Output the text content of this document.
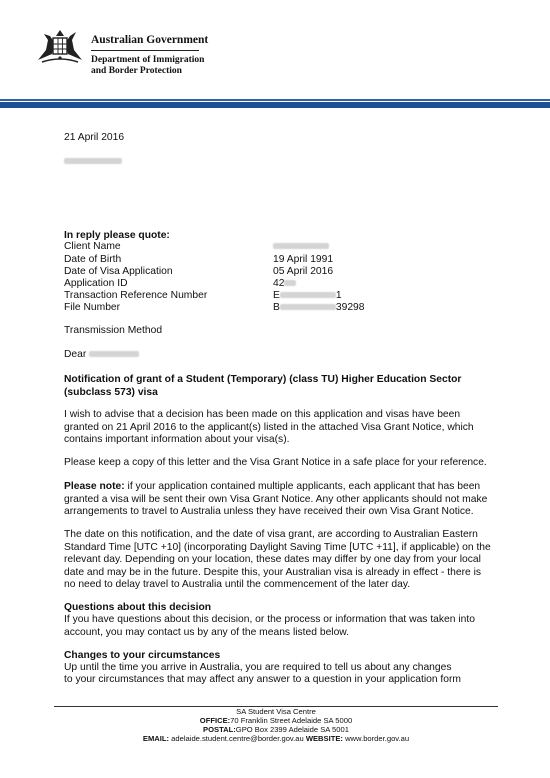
Australian Government
Department of Immigration
and Border Protection
21 April 2016
In reply please quote:
Client Name
Date of Birth	19 April 1991
Date of Visa Application	05 April 2016
Application ID	42
Transaction Reference Number	E	1
File Number	B	39298
Transmission Method
Dear
Notification of grant of a Student (Temporary) (class TU) Higher Education Sector (subclass 573) visa
I wish to advise that a decision has been made on this application and visas have been granted on 21 April 2016 to the applicant(s) listed in the attached Visa Grant Notice, which contains important information about your visa(s).
Please keep a copy of this letter and the Visa Grant Notice in a safe place for your reference.
Please note: if your application contained multiple applicants, each applicant that has been granted a visa will be sent their own Visa Grant Notice. Any other applicants should not make arrangements to travel to Australia unless they have received their own Visa Grant Notice.
The date on this notification, and the date of visa grant, are according to Australian Eastern Standard Time [UTC +10] (incorporating Daylight Saving Time [UTC +11], if applicable) on the relevant day. Depending on your location, these dates may differ by one day from your local date and may be in the future. Despite this, your Australian visa is already in effect - there is no need to delay travel to Australia until the commencement of the later day.
Questions about this decision
If you have questions about this decision, or the process or information that was taken into account, you may contact us by any of the means listed below.
Changes to your circumstances
Up until the time you arrive in Australia, you are required to tell us about any changes
to your circumstances that may affect any answer to a question in your application form
SA Student Visa Centre
OFFICE:70 Franklin Street Adelaide SA 5000
POSTAL:GPO Box 2399 Adelaide SA 5001
EMAIL: adelaide.student.centre@border.gov.au WEBSITE: www.border.gov.au
